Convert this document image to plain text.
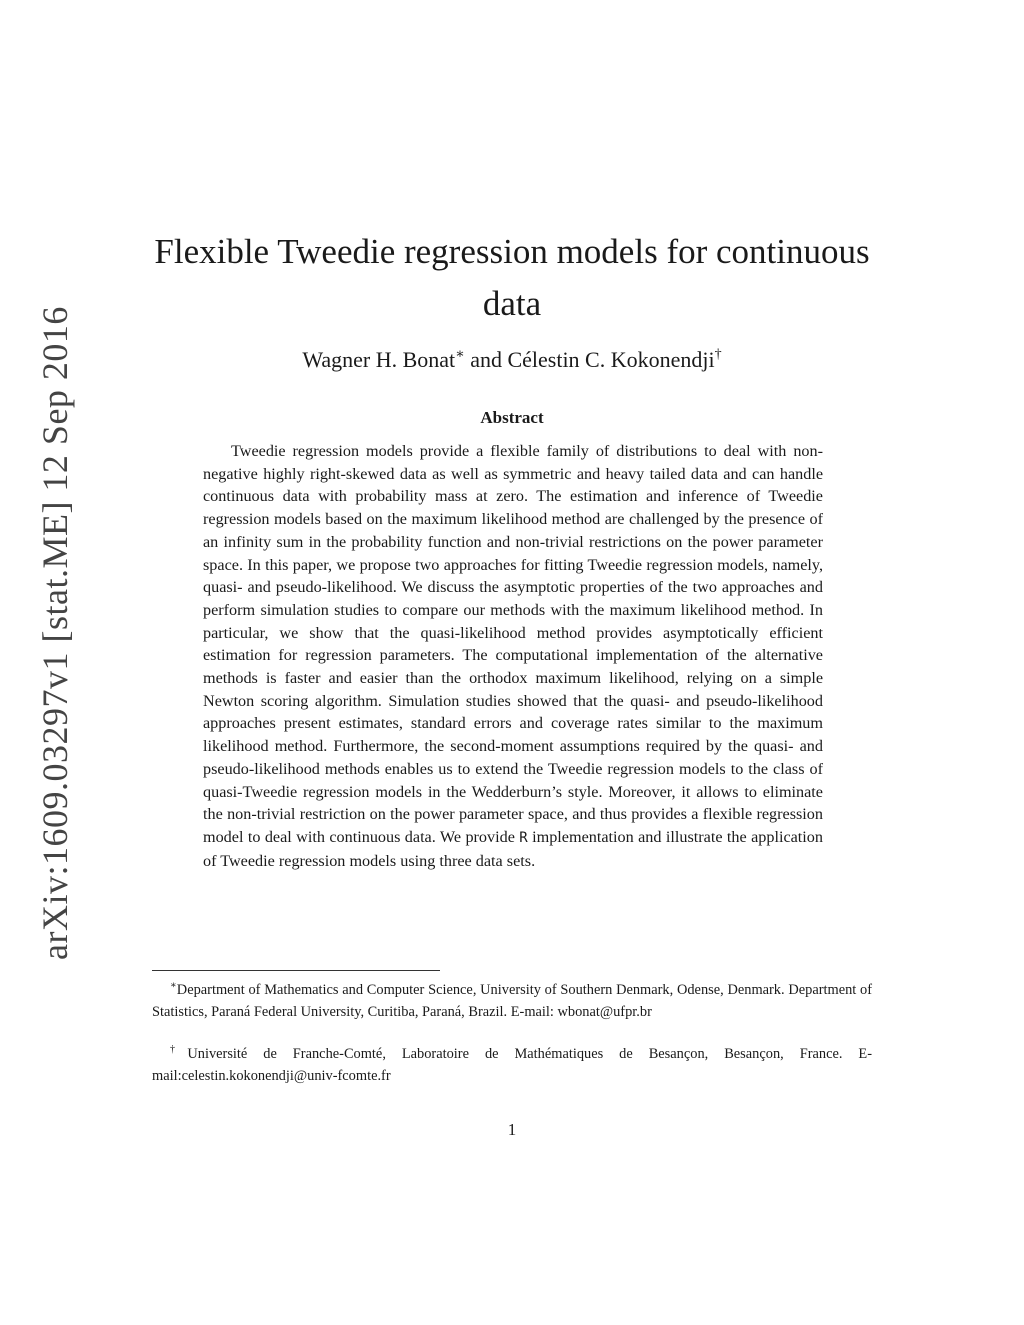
arXiv:1609.03297v1 [stat.ME] 12 Sep 2016
Flexible Tweedie regression models for continuous data
Wagner H. Bonat∗ and Célestin C. Kokonendji†
Abstract

Tweedie regression models provide a flexible family of distributions to deal with non-negative highly right-skewed data as well as symmetric and heavy tailed data and can handle continuous data with probability mass at zero. The estimation and inference of Tweedie regression models based on the maximum likelihood method are challenged by the presence of an infinity sum in the probability function and non-trivial restrictions on the power parameter space. In this paper, we propose two approaches for fitting Tweedie regression models, namely, quasi- and pseudo-likelihood. We discuss the asymptotic properties of the two approaches and perform simulation studies to compare our methods with the maximum likelihood method. In particular, we show that the quasi-likelihood method provides asymptotically efficient estimation for regression parameters. The computational implementation of the alternative methods is faster and easier than the orthodox maximum likelihood, relying on a simple Newton scoring algorithm. Simulation studies showed that the quasi- and pseudo-likelihood approaches present estimates, standard errors and coverage rates similar to the maximum likelihood method. Furthermore, the second-moment assumptions required by the quasi- and pseudo-likelihood methods enables us to extend the Tweedie regression models to the class of quasi-Tweedie regression models in the Wedderburn’s style. Moreover, it allows to eliminate the non-trivial restriction on the power parameter space, and thus provides a flexible regression model to deal with continuous data. We provide R implementation and illustrate the application of Tweedie regression models using three data sets.

∗Department of Mathematics and Computer Science, University of Southern Denmark, Odense, Denmark. Department of Statistics, Paraná Federal University, Curitiba, Paraná, Brazil. E-mail: wbonat@ufpr.br

†Université de Franche-Comté, Laboratoire de Mathématiques de Besançon, Besançon, France. E-mail:celestin.kokonendji@univ-fcomte.fr

1
